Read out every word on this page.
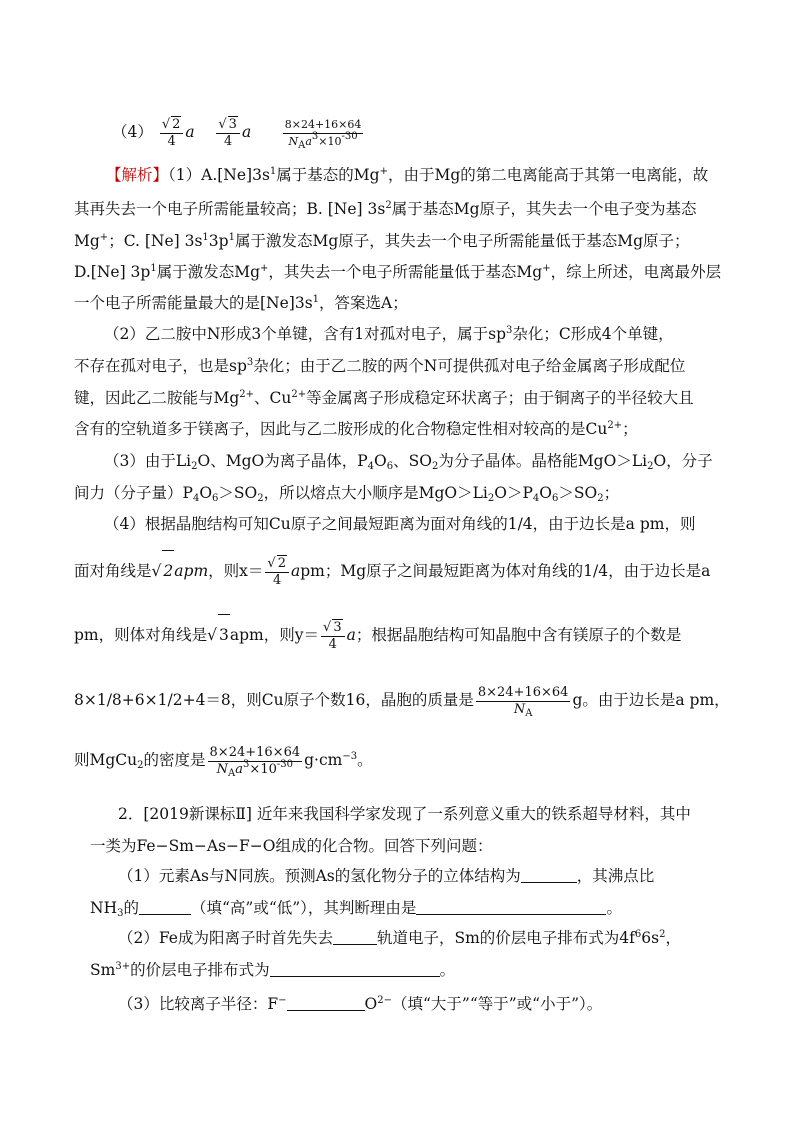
$(4) \frac{√ 2}{4}$ a $\frac{√ 3}{4}$ a	$\frac{8\times 24+16\times 64}{N_Aa^3\times 10^{-30}}$
【解析】$(1)A.[Ne]3s^1$属于基态的Mg+，由于Mg的第二电离能高于其第一电离能，故
其再失去一个电子所需能量较高；B. [Ne] $3s^2$属于基态Mg原子，其失去一个电子变为基态
Mg+；C. [Ne] $3s^13p^1$属于激发态Mg原子，其失去一个电子所需能量低于基态Mg原子；
D.[Ne] $3p^1$属于激发态Mg+，其失去一个电子所需能量低于基态Mg+，综上所述，电离最外层
一个电子所需能量最大的是$[Ne]3s^1$，答案选A；
（2）乙二胺中N形成3个单键，含有1对孤对电子，属于$sp^3$杂化；C形成4个单键，
不存在孤对电子，也是$sp^3$杂化；由于乙二胺的两个N可提供孤对电子给金属离子形成配位
键，因此乙二胺能与$Mg^{2+}$、$Cu^{2+}$等金属离子形成稳定环状离子；由于铜离子的半径较大且
含有的空轨道多于镁离子，因此与乙二胺形成的化合物稳定性相对较高的是$Cu^{2+}$；
（3）由于$Li_2O$、MgO为离子晶体，$P_4O_6$、$SO_2$为分子晶体。晶格能$MgO>Li_2O$，分子
间力（分子量）$P_4O_6>SO_2$，所以熔点大小顺序是$MgO>Li_2O>P_4O_6>SO_2$；
（4）根据晶胞结构可知Cu原子之间最短距离为面对角线的1/4，由于边长是a pm，则
面对角线是√ 2apm，则$x= \frac{√ 2}{4}$ apm；Mg原子之间最短距离为体对角线的1/4，由于边长是a
pm，则体对角线是√ 3apm，则$y= \frac{√ 3}{4}$ a；根据晶胞结构可知晶胞中含有镁原子的个数是
8×1/8+6×1/2+4＝8，则Cu原子个数16，晶胞的质量是 $\frac{8\times 24+16\times 64}{N_A}$ g。由于边长是a pm，
则MgCu$_2$的密度是 $\frac{8\times 24+16\times 64}{N_Aa^3\times 10^{-30}} g\cdot cm^{-3}$。
2．[2019新课标Ⅱ] 近年来我国科学家发现了一系列意义重大的铁系超导材料，其中
一类为Fe−Sm−As−F−O组成的化合物。回答下列问题：
（1）元素As与N同族。预测As的氢化物分子的立体结构为	，其沸点比
$NH_3$的	（填“高”或“低”），其判断理由是	。
（2）Fe成为阳离子时首先失去	轨道电子，Sm的价层电子排布式为$4f^66s^2$，
$Sm^{3+}$的价层电子排布式为	。
（3）比较离子半径：F−	$O^{2-}$（填“大于”“等于”或“小于”）。
